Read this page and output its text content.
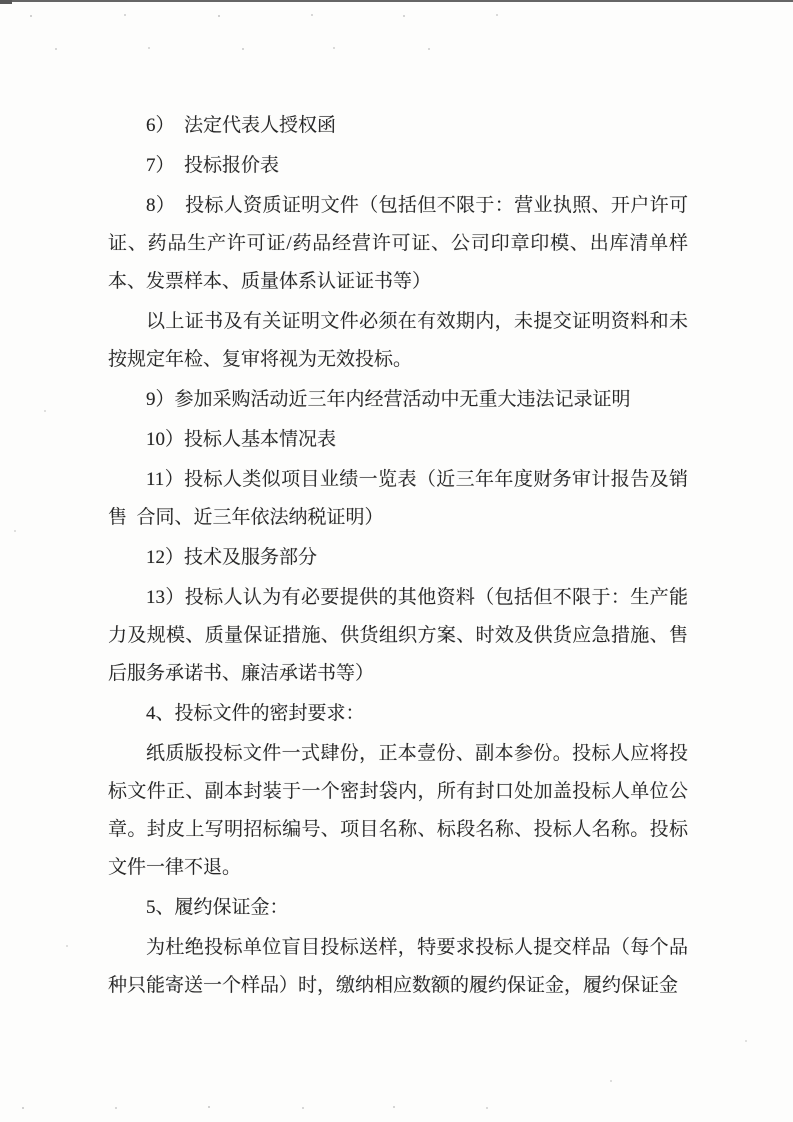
6） 法定代表人授权函

7） 投标报价表

8） 投标人资质证明文件（包括但不限于：营业执照、开户许可证、药品生产许可证/药品经营许可证、公司印章印模、出库清单样本、发票样本、质量体系认证证书等）

以上证书及有关证明文件必须在有效期内，未提交证明资料和未按规定年检、复审将视为无效投标。

9）参加采购活动近三年内经营活动中无重大违法记录证明

10）投标人基本情况表

11）投标人类似项目业绩一览表（近三年年度财务审计报告及销售 合同、近三年依法纳税证明）

12）技术及服务部分

13）投标人认为有必要提供的其他资料（包括但不限于：生产能力及规模、质量保证措施、供货组织方案、时效及供货应急措施、售后服务承诺书、廉洁承诺书等）

4、投标文件的密封要求：

纸质版投标文件一式肆份，正本壹份、副本参份。投标人应将投标文件正、副本封装于一个密封袋内，所有封口处加盖投标人单位公章。封皮上写明招标编号、项目名称、标段名称、投标人名称。投标文件一律不退。

5、履约保证金：

为杜绝投标单位盲目投标送样，特要求投标人提交样品（每个品种只能寄送一个样品）时，缴纳相应数额的履约保证金，履约保证金
